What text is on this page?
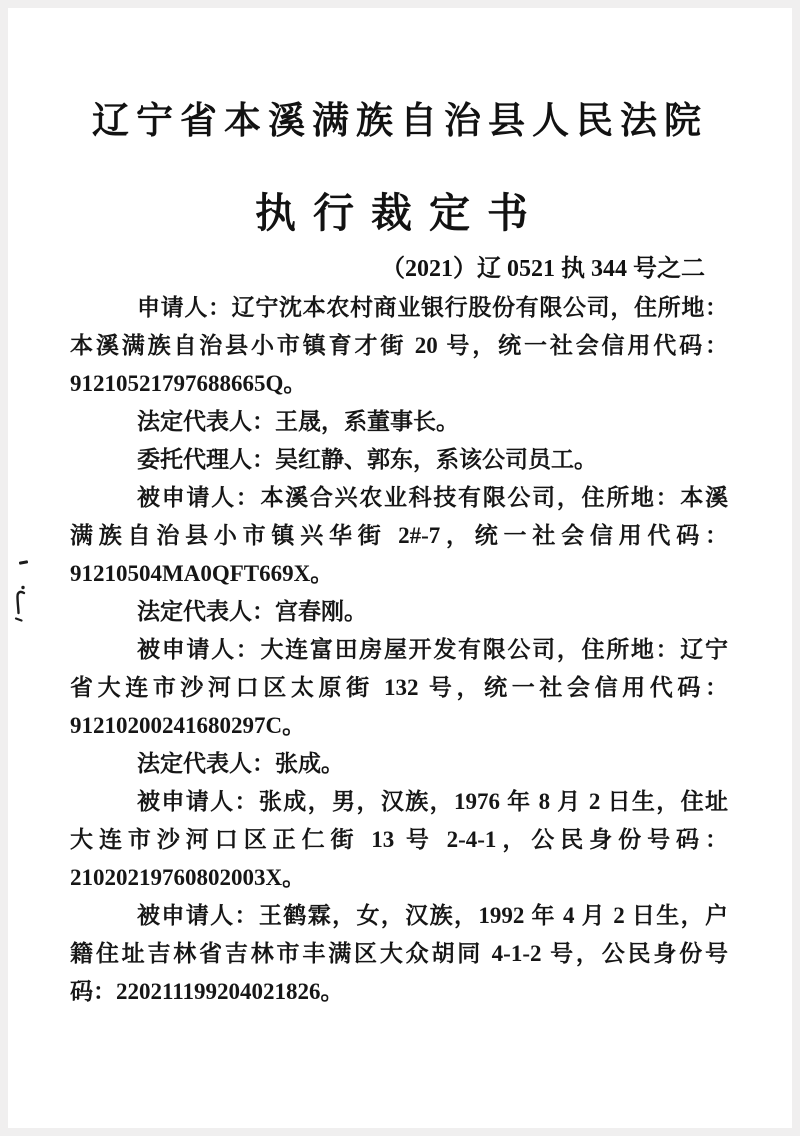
辽宁省本溪满族自治县人民法院
执行裁定书
（2021）辽 0521 执 344 号之二
申请人：辽宁沈本农村商业银行股份有限公司，住所地：
本溪满族自治县小市镇育才街 20 号，统一社会信用代码：
91210521797688665Q。
法定代表人：王晟，系董事长。
委托代理人：吴红静、郭东，系该公司员工。
被申请人：本溪合兴农业科技有限公司，住所地：本溪
满族自治县小市镇兴华街 2#-7，统一社会信用代码：
91210504MA0QFT669X。
法定代表人：宫春刚。
被申请人：大连富田房屋开发有限公司，住所地：辽宁
省大连市沙河口区太原街 132 号，统一社会信用代码：
91210200241680297C。
法定代表人：张成。
被申请人：张成，男，汉族，1976 年 8 月 2 日生，住址
大连市沙河口区正仁街 13 号 2-4-1，公民身份号码：
21020219760802003X。
被申请人：王鹤霖，女，汉族，1992 年 4 月 2 日生，户
籍住址吉林省吉林市丰满区大众胡同 4-1-2 号，公民身份号
码：220211199204021826。
